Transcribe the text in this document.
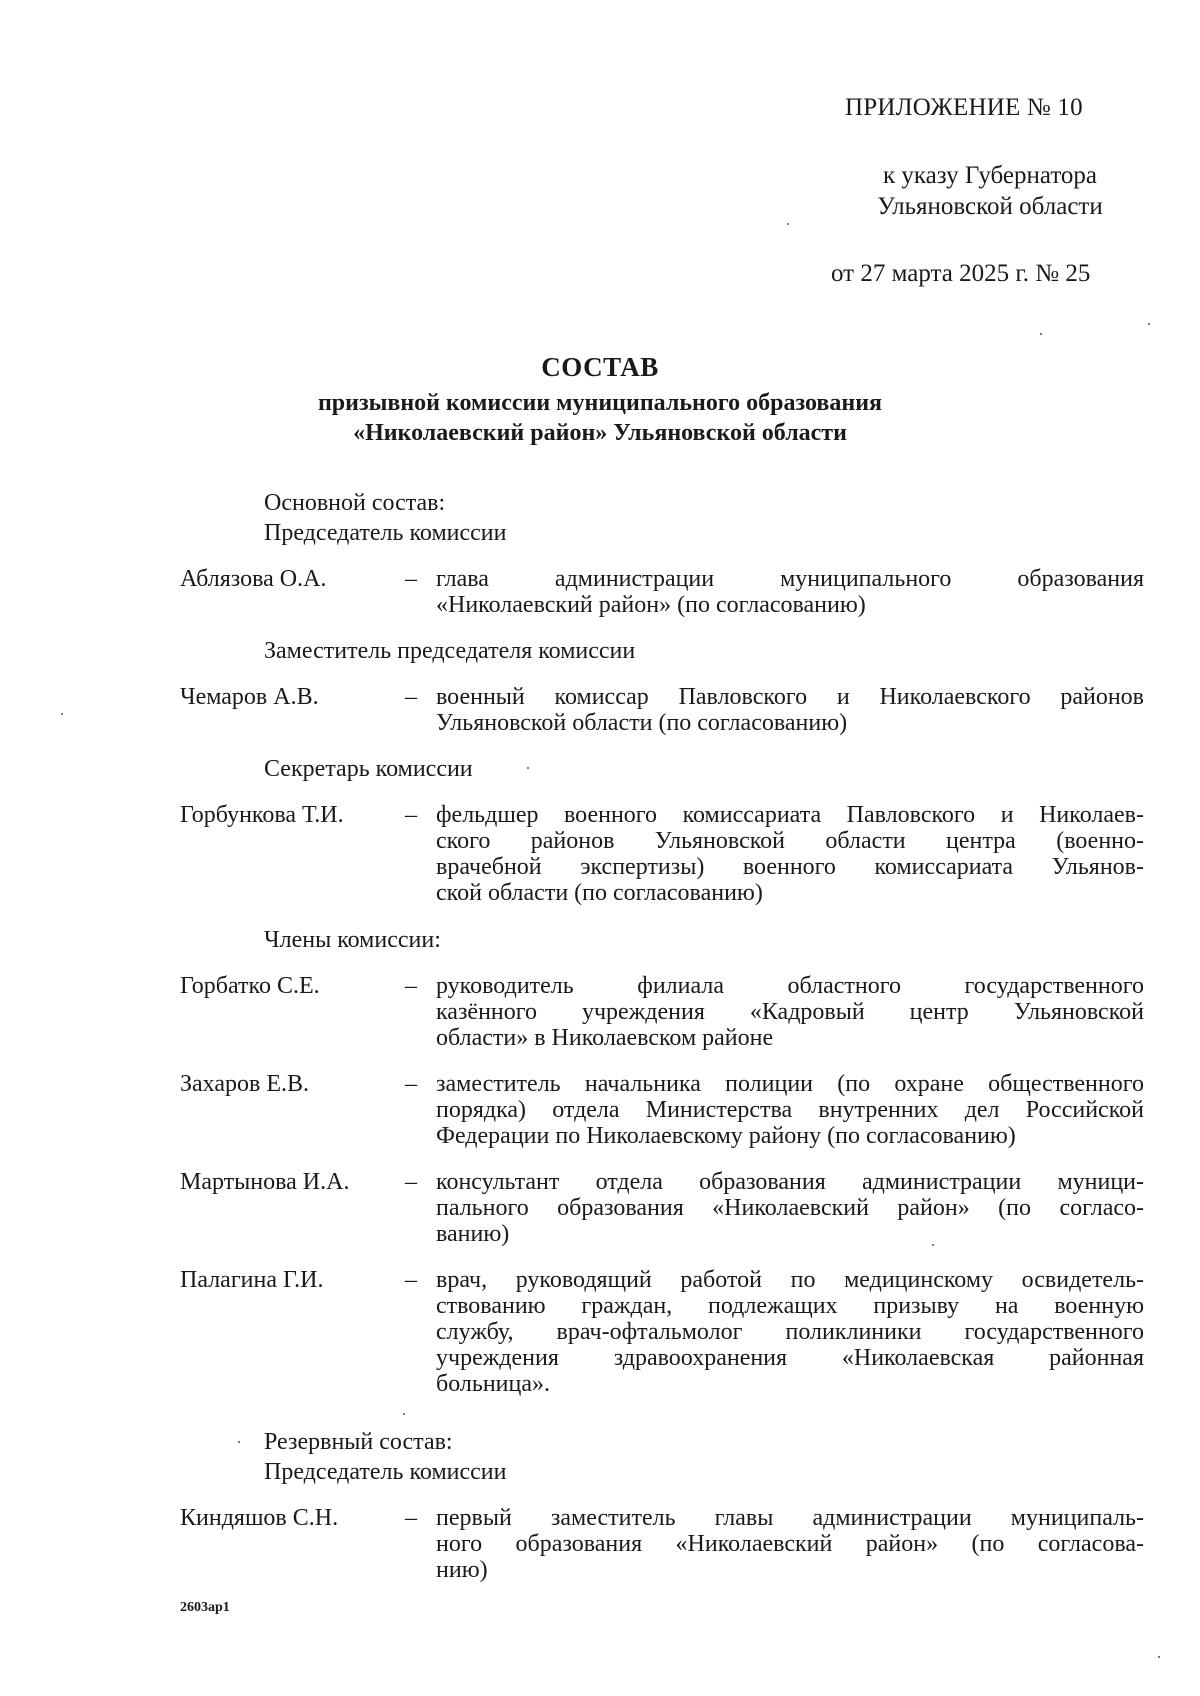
ПРИЛОЖЕНИЕ № 10
к указу Губернатора
Ульяновской области
от 27 марта 2025 г. № 25
СОСТАВ
призывной комиссии муниципального образования
«Николаевский район» Ульяновской области
Основной состав:
Председатель комиссии
Аблязова О.А.	– глава администрации муниципального образования
«Николаевский район» (по согласованию)
Заместитель председателя комиссии
Чемаров А.В.	– военный комиссар Павловского и Николаевского районов
Ульяновской области (по согласованию)
Секретарь комиссии
Горбункова Т.И.	– фельдшер военного комиссариата Павловского и Николаев-
ского районов Ульяновской области центра (военно-
врачебной экспертизы) военного комиссариата Ульянов-
ской области (по согласованию)
Члены комиссии:
Горбатко С.Е.	– руководитель филиала областного государственного
казённого учреждения «Кадровый центр Ульяновской
области» в Николаевском районе
Захаров Е.В.	– заместитель начальника полиции (по охране общественного
порядка) отдела Министерства внутренних дел Российской
Федерации по Николаевскому району (по согласованию)
Мартынова И.А. – консультант отдела образования администрации муници-
пального образования «Николаевский район» (по согласо-
ванию)
Палагина Г.И.	– врач, руководящий работой по медицинскому освидетель-
ствованию граждан, подлежащих призыву на военную
службу, врач-офтальмолог поликлиники государственного
учреждения здравоохранения «Николаевская районная
больница».
Резервный состав:
Председатель комиссии
Киндяшов С.Н.	– первый заместитель главы администрации муниципаль-
ного образования «Николаевский район» (по согласова-
нию)
2603ap1
